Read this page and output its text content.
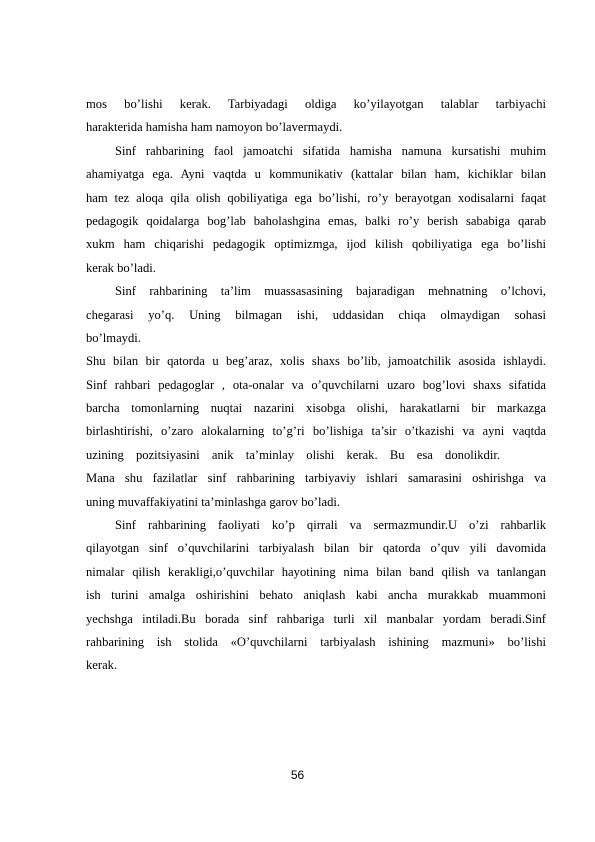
mos bo’lishi kerak. Tarbiyadagi oldiga ko’yilayotgan talablar tarbiyachi
harakterida hamisha ham namoyon bo’lavermaydi.
Sinf rahbarining faol jamoatchi sifatida hamisha namuna kursatishi muhim
ahamiyatga ega. Ayni vaqtda u kommunikativ (kattalar bilan ham, kichiklar bilan
ham tez aloqa qila olish qobiliyatiga ega bo’lishi, ro’y berayotgan xodisalarni faqat
pedagogik qoidalarga bog’lab baholashgina emas, balki ro’y berish sababiga qarab
xukm ham chiqarishi pedagogik optimizmga, ijod kilish qobiliyatiga ega bo’lishi
kerak bo’ladi.
Sinf rahbarining ta’lim muassasasining bajaradigan mehnatning o’lchovi,
chegarasi yo’q. Uning bilmagan ishi, uddasidan chiqa olmaydigan sohasi
bo’lmaydi.
Shu bilan bir qatorda u beg’araz, xolis shaxs bo’lib, jamoatchilik asosida ishlaydi.
Sinf rahbari pedagoglar , ota-onalar va o’quvchilarni uzaro bog’lovi shaxs sifatida
barcha tomonlarning nuqtai nazarini xisobga olishi, harakatlarni bir markazga
birlashtirishi, o’zaro alokalarning to’g’ri bo’lishiga ta’sir o’tkazishi va ayni vaqtda
uzining pozitsiyasini anik ta’minlay olishi kerak. Bu esa donolikdir.
Mana shu fazilatlar sinf rahbarining tarbiyaviy ishlari samarasini oshirishga va
uning muvaffakiyatini ta’minlashga garov bo’ladi.
Sinf rahbarining faoliyati ko’p qirrali va sermazmundir.U o’zi rahbarlik
qilayotgan sinf o’quvchilarini tarbiyalash bilan bir qatorda o’quv yili davomida
nimalar qilish kerakligi,o’quvchilar hayotining nima bilan band qilish va tanlangan
ish turini amalga oshirishini behato aniqlash kabi ancha murakkab muammoni
yechshga intiladi.Bu borada sinf rahbariga turli xil manbalar yordam beradi.Sinf
rahbarining ish stolida «O’quvchilarni tarbiyalash ishining mazmuni» bo’lishi
kerak.
56
